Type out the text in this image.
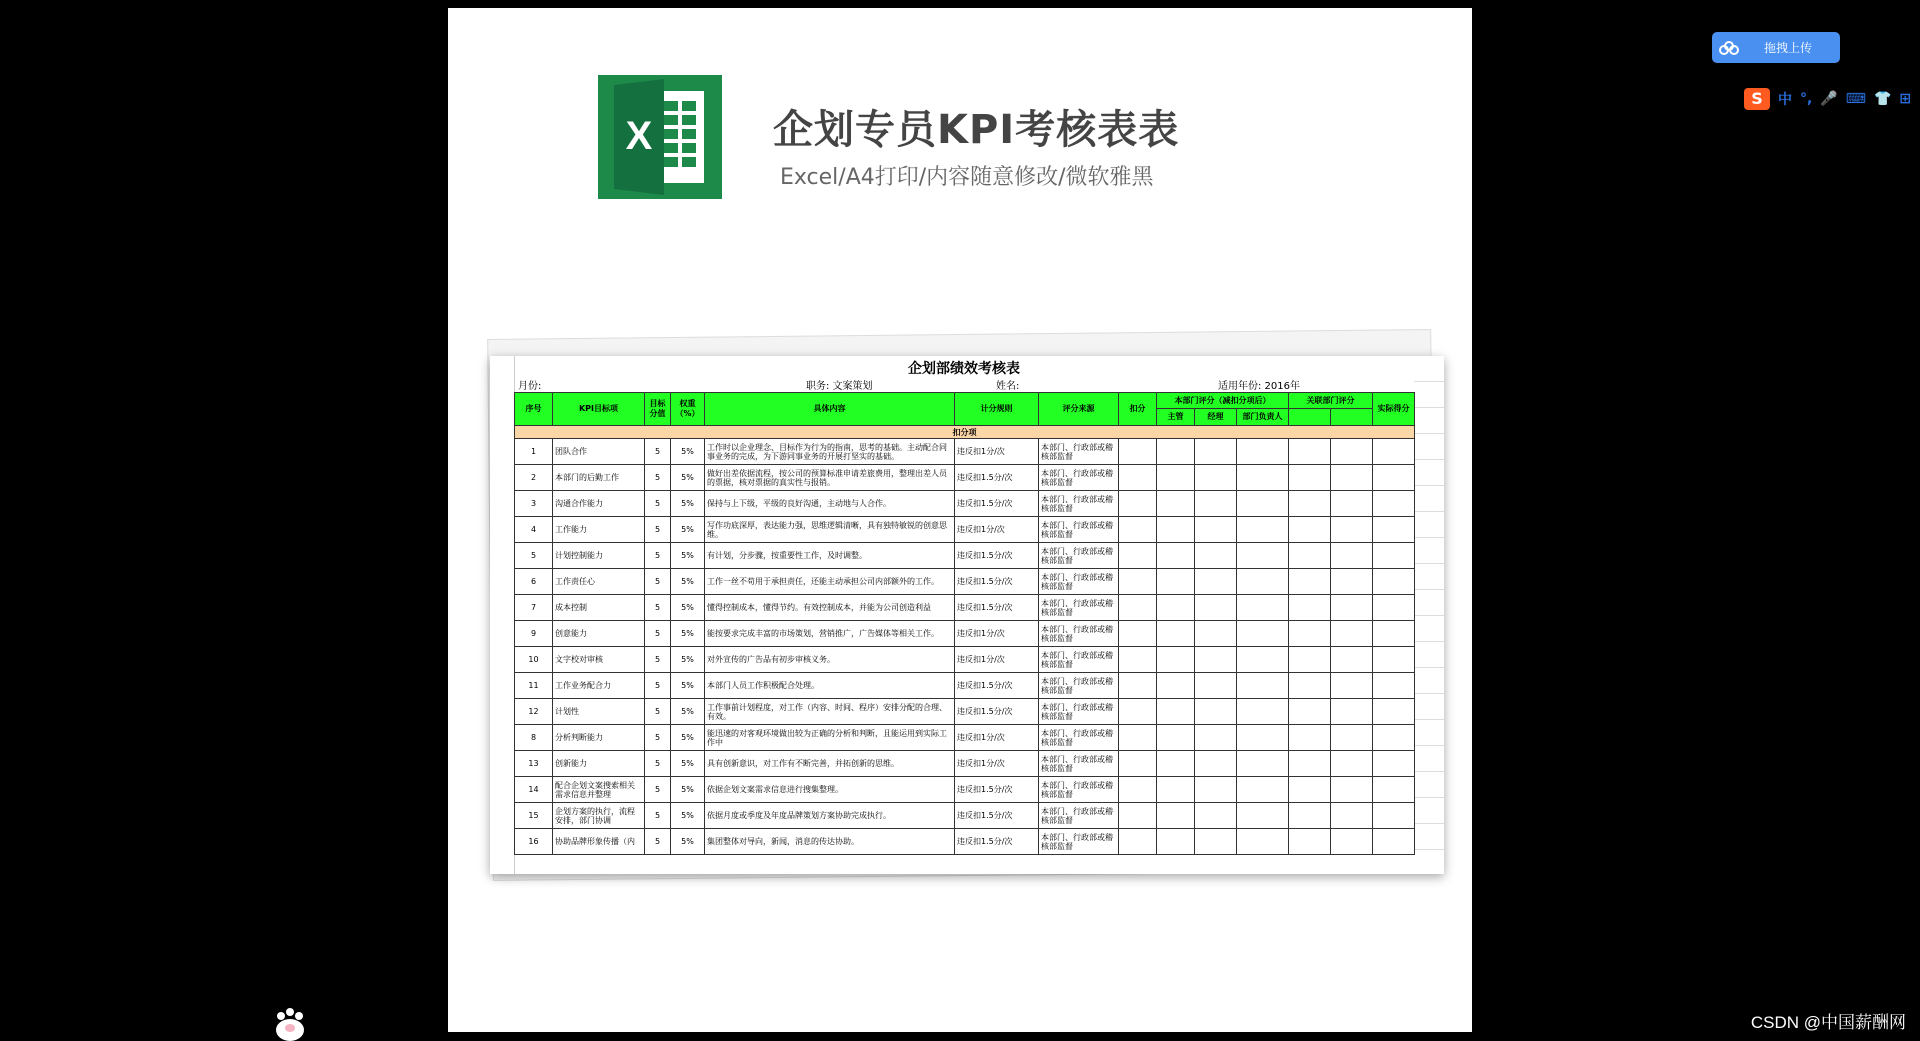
X	企划专员KPI考核表表
Excel/A4打印/内容随意修改/微软雅黑
企划部绩效考核表
月份:	职务: 文案策划	姓名:	适用年份: 2016年
序号	KPI目标项	目标分值	权重（%）	具体内容	计分规则	评分来源	扣分	本部门评分（减扣分项后）			关联部门评分		实际得分
								主管	经理	部门负责人			
扣分项													
1	团队合作	5	5%	工作时以企业理念、目标作为行为的指南，思考的基础。主动配合同事业务的完成，为下游同事业务的开展打坚实的基础。	违反扣1分/次	本部门、行政部或稽核部监督							
2	本部门的后勤工作	5	5%	做好出差依据流程，按公司的预算标准申请差旅费用，整理出差人员的票据，核对票据的真实性与报销。	违反扣1.5分/次	本部门、行政部或稽核部监督							
3	沟通合作能力	5	5%	保持与上下级，平级的良好沟通，主动地与人合作。	违反扣1.5分/次	本部门、行政部或稽核部监督							
4	工作能力	5	5%	写作功底深厚，表达能力强，思维逻辑清晰，具有独特敏锐的创意思维。	违反扣1分/次	本部门、行政部或稽核部监督							
5	计划控制能力	5	5%	有计划，分步骤，按重要性工作，及时调整。	违反扣1.5分/次	本部门、行政部或稽核部监督							
6	工作责任心	5	5%	工作一丝不苟用于承担责任，还能主动承担公司内部额外的工作。	违反扣1.5分/次	本部门、行政部或稽核部监督							
7	成本控制	5	5%	懂得控制成本，懂得节约。有效控制成本，并能为公司创造利益	违反扣1.5分/次	本部门、行政部或稽核部监督							
9	创意能力	5	5%	能按要求完成丰富的市场策划，营销推广，广告媒体等相关工作。	违反扣1分/次	本部门、行政部或稽核部监督							
10	文字校对审核	5	5%	对外宣传的广告品有初步审核义务。	违反扣1分/次	本部门、行政部或稽核部监督							
11	工作业务配合力	5	5%	本部门人员工作积极配合处理。	违反扣1.5分/次	本部门、行政部或稽核部监督							
12	计划性	5	5%	工作事前计划程度，对工作（内容、时间、程序）安排分配的合理、有效。	违反扣1.5分/次	本部门、行政部或稽核部监督							
8	分析判断能力	5	5%	能迅速的对客观环境做出较为正确的分析和判断，且能运用到实际工作中	违反扣1分/次	本部门、行政部或稽核部监督							
13	创新能力	5	5%	具有创新意识，对工作有不断完善，并拓创新的思维。	违反扣1分/次	本部门、行政部或稽核部监督							
14	配合企划文案搜索相关需求信息并整理	5	5%	依据企划文案需求信息进行搜集整理。	违反扣1.5分/次	本部门、行政部或稽核部监督							
15	企划方案的执行，流程安排，部门协调	5	5%	依据月度或季度及年度品牌策划方案协助完成执行。	违反扣1.5分/次	本部门、行政部或稽核部监督							
16	协助品牌形象传播（内	5	5%	集团整体对导向，新闻，消息的传达协助。	违反扣1.5分/次	本部门、行政部或稽核部监督							
拖拽上传
S	中 °, 🎤 ⌨ 👕 ⊞
CSDN @中国薪酬网
